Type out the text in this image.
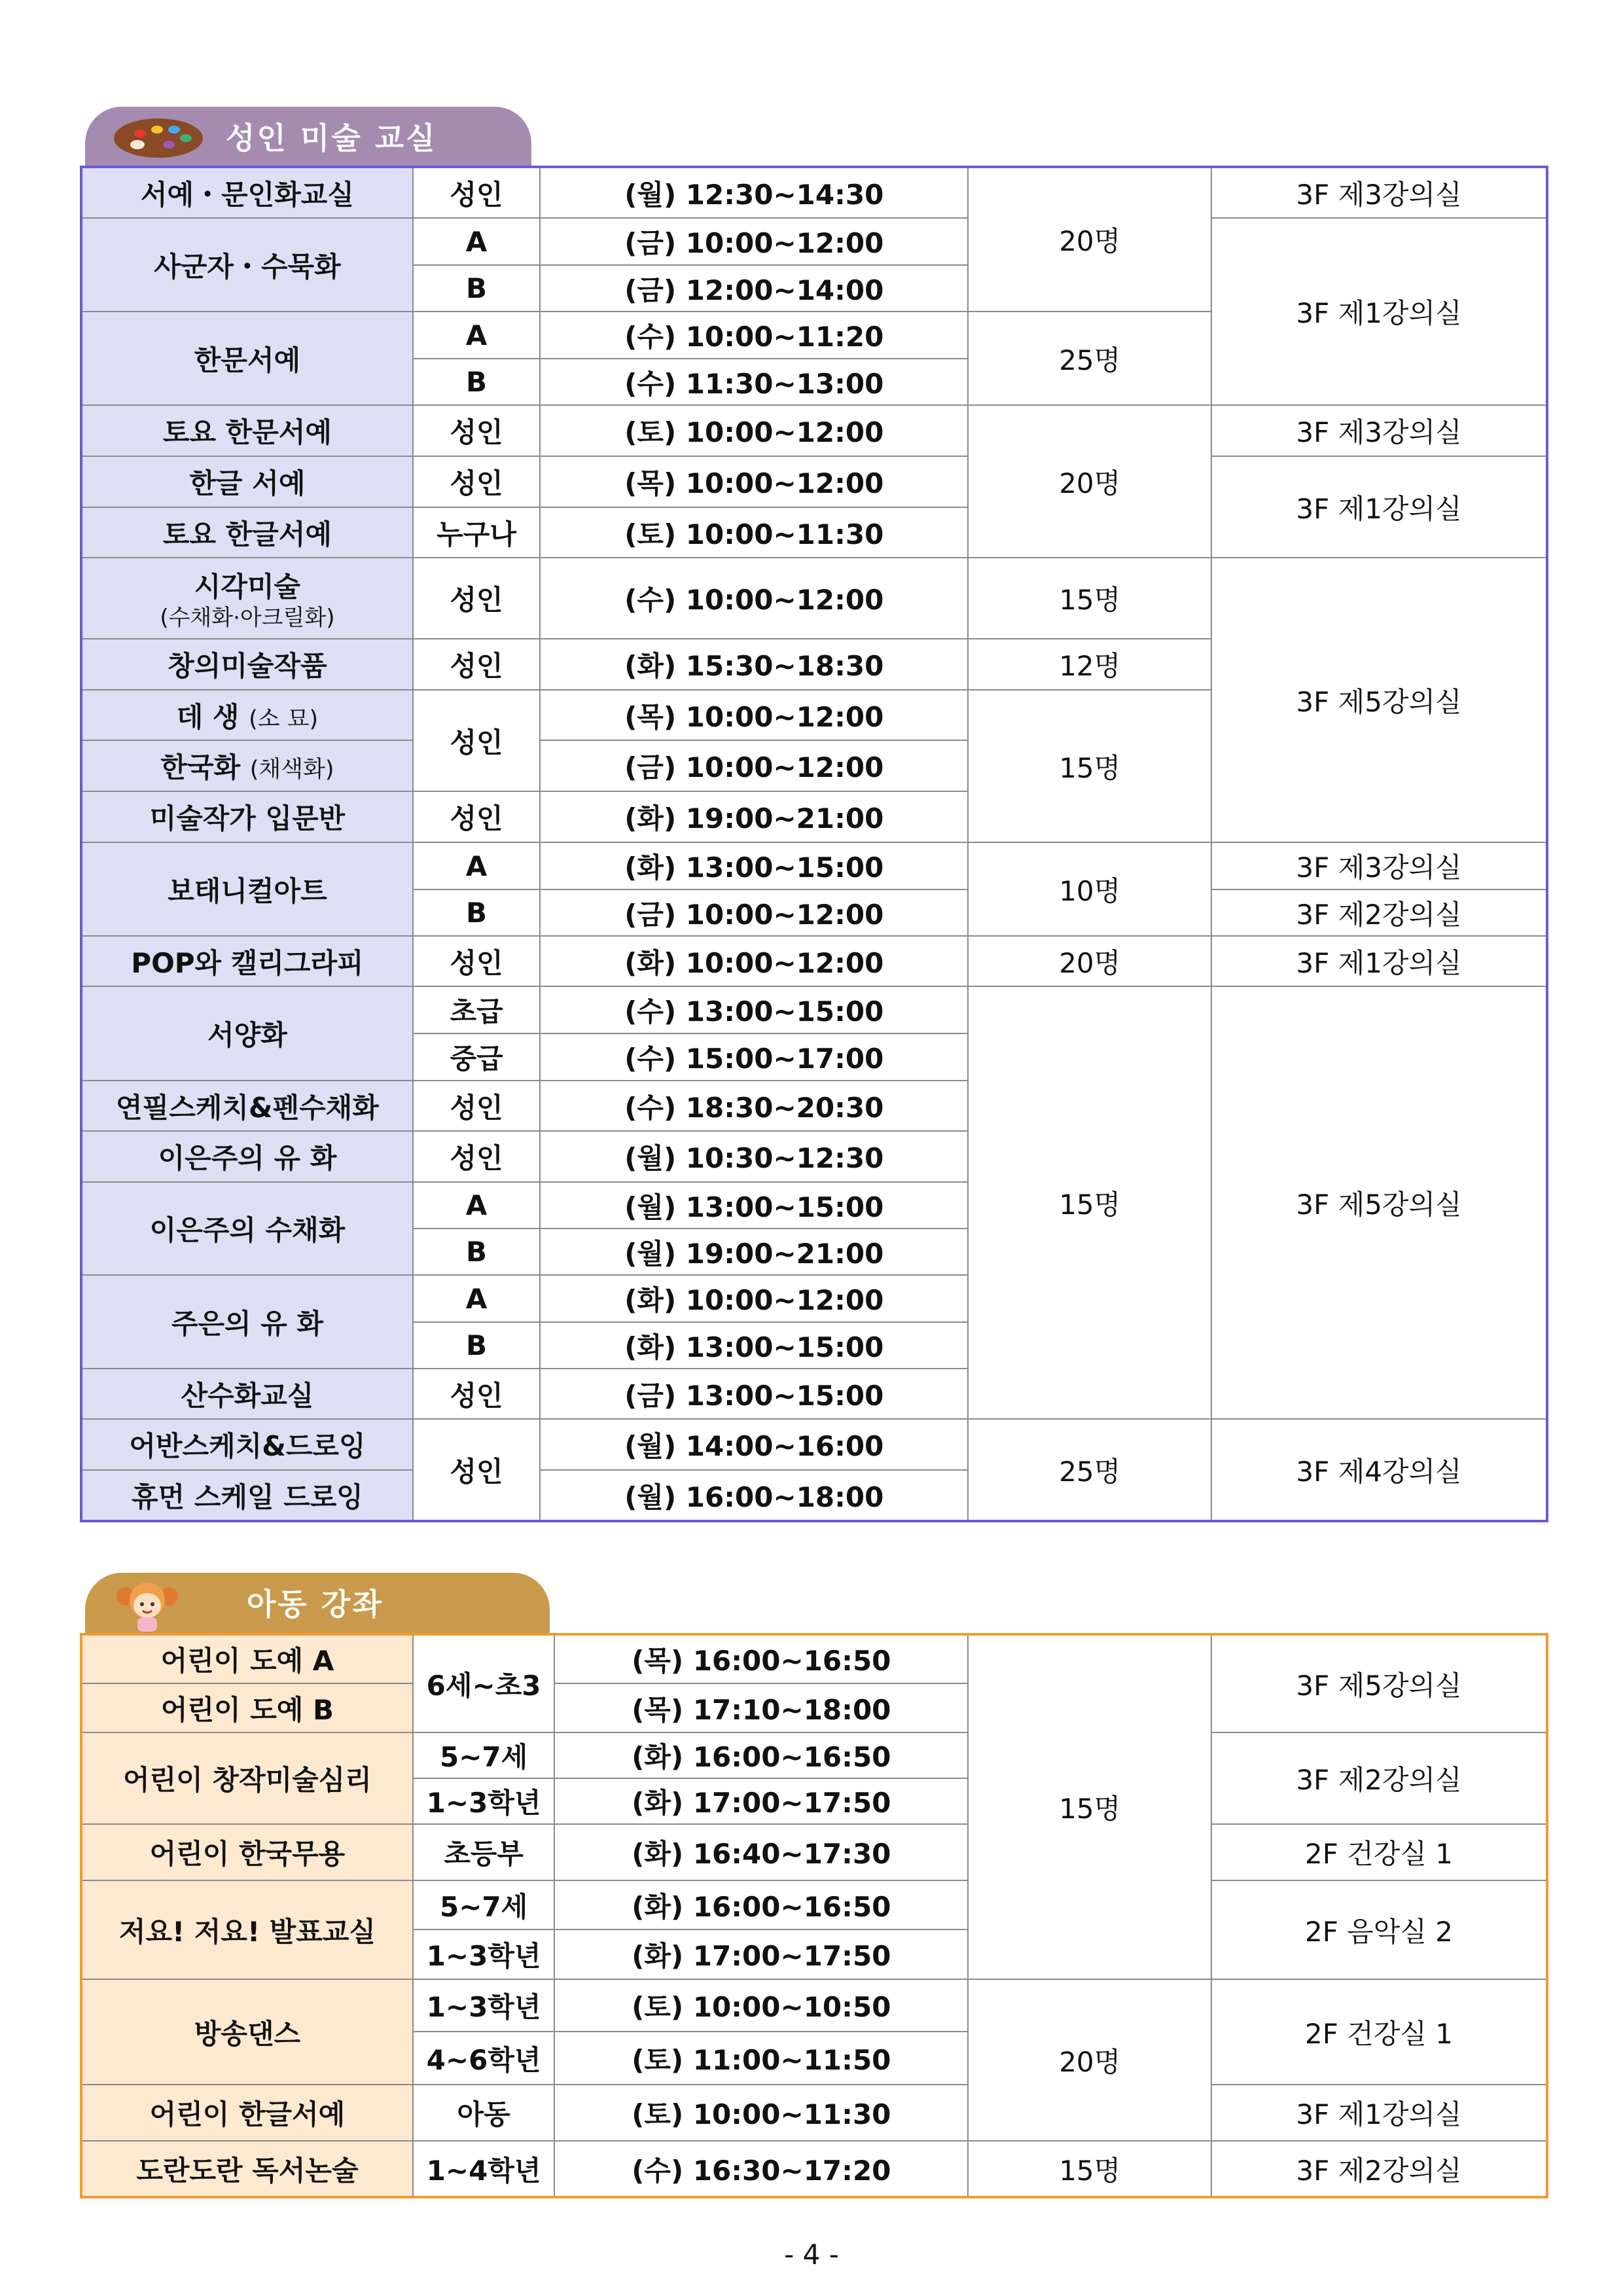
성인 미술 교실
서예・문인화교실	성인	(월) 12:30~14:30	20명	3F 제3강의실
사군자・수묵화	A	(금) 10:00~12:00		3F 제1강의실
	B	(금) 12:00~14:00		
한문서예	A	(수) 10:00~11:20	25명	
	B	(수) 11:30~13:00		
토요 한문서예	성인	(토) 10:00~12:00	20명	3F 제3강의실
한글 서예	성인	(목) 10:00~12:00		3F 제1강의실
토요 한글서예	누구나	(토) 10:00~11:30		
시각미술
(수채화·아크릴화)	성인	(수) 10:00~12:00	15명	3F 제5강의실
창의미술작품	성인	(화) 15:30~18:30	12명	
데 생 (소 묘)	성인	(목) 10:00~12:00	15명	
한국화 (채색화)		(금) 10:00~12:00		
미술작가 입문반	성인	(화) 19:00~21:00		
보태니컬아트	A	(화) 13:00~15:00	10명	3F 제3강의실
	B	(금) 10:00~12:00		3F 제2강의실
POP와 캘리그라피	성인	(화) 10:00~12:00	20명	3F 제1강의실
서양화	초급	(수) 13:00~15:00	15명	3F 제5강의실
	중급	(수) 15:00~17:00		
연필스케치&펜수채화	성인	(수) 18:30~20:30		
이은주의 유 화	성인	(월) 10:30~12:30		
이은주의 수채화	A	(월) 13:00~15:00		
	B	(월) 19:00~21:00		
주은의 유 화	A	(화) 10:00~12:00		
	B	(화) 13:00~15:00		
산수화교실	성인	(금) 13:00~15:00		
어반스케치&드로잉	성인	(월) 14:00~16:00	25명	3F 제4강의실
휴먼 스케일 드로잉		(월) 16:00~18:00		
아동 강좌
어린이 도예 A	6세~초3	(목) 16:00~16:50	15명	3F 제5강의실
어린이 도예 B		(목) 17:10~18:00		
어린이 창작미술심리	5~7세	(화) 16:00~16:50		3F 제2강의실
	1~3학년	(화) 17:00~17:50		
어린이 한국무용	초등부	(화) 16:40~17:30		2F 건강실 1
저요! 저요! 발표교실	5~7세	(화) 16:00~16:50		2F 음악실 2
	1~3학년	(화) 17:00~17:50		
방송댄스	1~3학년	(토) 10:00~10:50	20명	2F 건강실 1
	4~6학년	(토) 11:00~11:50		
어린이 한글서예	아동	(토) 10:00~11:30		3F 제1강의실
도란도란 독서논술	1~4학년	(수) 16:30~17:20	15명	3F 제2강의실
- 4 -
